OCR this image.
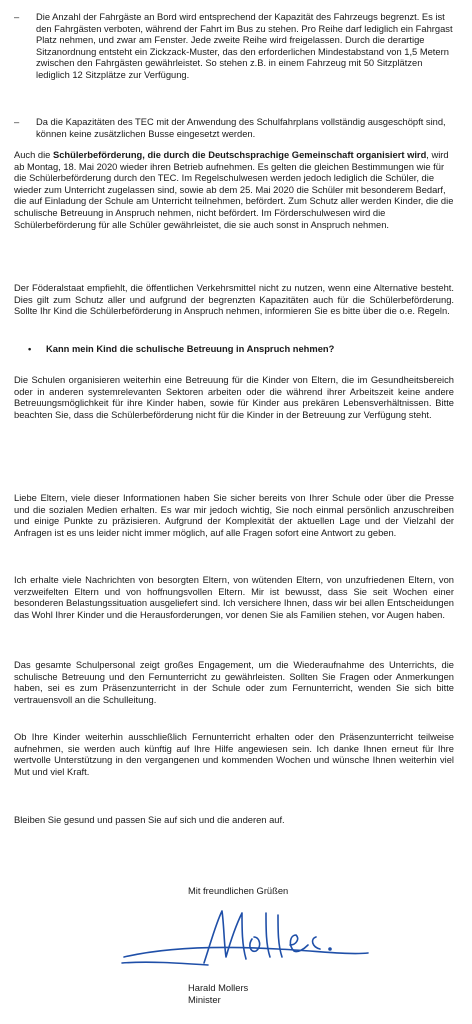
–	Die Anzahl der Fahrgäste an Bord wird entsprechend der Kapazität des Fahrzeugs begrenzt. Es ist den Fahrgästen verboten, während der Fahrt im Bus zu stehen. Pro Reihe darf lediglich ein Fahrgast Platz nehmen, und zwar am Fenster. Jede zweite Reihe wird freigelassen. Durch die derartige Sitzanordnung entsteht ein Zickzack-Muster, das den erforderlichen Mindestabstand von 1,5 Metern zwischen den Fahrgästen gewährleistet. So stehen z.B. in einem Fahrzeug mit 50 Sitzplätzen lediglich 12 Sitzplätze zur Verfügung.
–	Da die Kapazitäten des TEC mit der Anwendung des Schulfahrplans vollständig ausgeschöpft sind, können keine zusätzlichen Busse eingesetzt werden.
Auch die Schülerbeförderung, die durch die Deutschsprachige Gemeinschaft organisiert wird, wird ab Montag, 18. Mai 2020 wieder ihren Betrieb aufnehmen. Es gelten die gleichen Bestimmungen wie für die Schülerbeförderung durch den TEC. Im Regelschulwesen werden jedoch lediglich die Schüler, die wieder zum Unterricht zugelassen sind, sowie ab dem 25. Mai 2020 die Schüler mit besonderem Bedarf, die auf Einladung der Schule am Unterricht teilnehmen, befördert. Zum Schutz aller werden Kinder, die die schulische Betreuung in Anspruch nehmen, nicht befördert. Im Förderschulwesen wird die Schülerbeförderung für alle Schüler gewährleistet, die sie auch sonst in Anspruch nehmen.
Der Föderalstaat empfiehlt, die öffentlichen Verkehrsmittel nicht zu nutzen, wenn eine Alternative besteht. Dies gilt zum Schutz aller und aufgrund der begrenzten Kapazitäten auch für die Schülerbeförderung. Sollte Ihr Kind die Schülerbeförderung in Anspruch nehmen, informieren Sie es bitte über die o.e. Regeln.
• Kann mein Kind die schulische Betreuung in Anspruch nehmen?
Die Schulen organisieren weiterhin eine Betreuung für die Kinder von Eltern, die im Gesundheitsbereich oder in anderen systemrelevanten Sektoren arbeiten oder die während ihrer Arbeitszeit keine andere Betreuungsmöglichkeit für ihre Kinder haben, sowie für Kinder aus prekären Lebensverhältnissen. Bitte beachten Sie, dass die Schülerbeförderung nicht für die Kinder in der Betreuung zur Verfügung steht.
Liebe Eltern, viele dieser Informationen haben Sie sicher bereits von Ihrer Schule oder über die Presse und die sozialen Medien erhalten. Es war mir jedoch wichtig, Sie noch einmal persönlich anzuschreiben und einige Punkte zu präzisieren. Aufgrund der Komplexität der aktuellen Lage und der Vielzahl der Anfragen ist es uns leider nicht immer möglich, auf alle Fragen sofort eine Antwort zu geben.
Ich erhalte viele Nachrichten von besorgten Eltern, von wütenden Eltern, von unzufriedenen Eltern, von verzweifelten Eltern und von hoffnungsvollen Eltern. Mir ist bewusst, dass Sie seit Wochen einer besonderen Belastungssituation ausgeliefert sind. Ich versichere Ihnen, dass wir bei allen Entscheidungen das Wohl Ihrer Kinder und die Herausforderungen, vor denen Sie als Familien stehen, vor Augen haben.
Das gesamte Schulpersonal zeigt großes Engagement, um die Wiederaufnahme des Unterrichts, die schulische Betreuung und den Fernunterricht zu gewährleisten. Sollten Sie Fragen oder Anmerkungen haben, sei es zum Präsenzunterricht in der Schule oder zum Fernunterricht, wenden Sie sich bitte vertrauensvoll an die Schulleitung.
Ob Ihre Kinder weiterhin ausschließlich Fernunterricht erhalten oder den Präsenzunterricht teilweise aufnehmen, sie werden auch künftig auf Ihre Hilfe angewiesen sein. Ich danke Ihnen erneut für Ihre wertvolle Unterstützung in den vergangenen und kommenden Wochen und wünsche Ihnen weiterhin viel Mut und viel Kraft.
Bleiben Sie gesund und passen Sie auf sich und die anderen auf.
Mit freundlichen Grüßen
Harald Mollers
Minister
